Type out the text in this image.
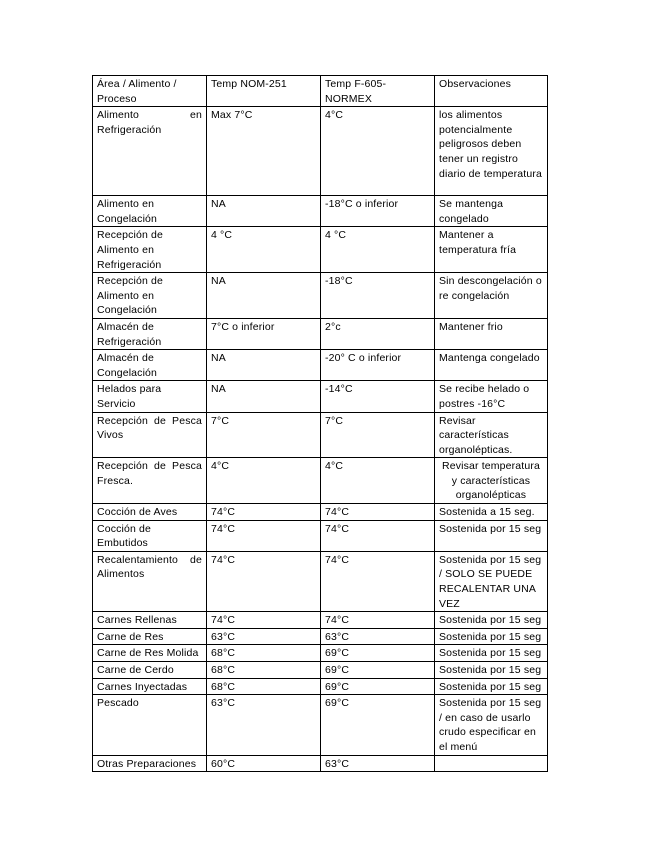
Área / Alimento / Proceso	Temp NOM-251	Temp F-605-NORMEX	Observaciones
Alimento en Refrigeración	Max 7°C	4°C	los alimentos potencialmente peligrosos deben tener un registro diario de temperatura
Alimento en Congelación	NA	-18°C o inferior	Se mantenga congelado
Recepción de Alimento en Refrigeración	4 °C	4 °C	Mantener a temperatura fría
Recepción de Alimento en Congelación	NA	-18°C	Sin descongelación o re congelación
Almacén de Refrigeración	7°C o inferior	2°c	Mantener frio
Almacén de Congelación	NA	-20° C o inferior	Mantenga congelado
Helados para Servicio	NA	-14°C	Se recibe helado o postres -16°C
Recepción de Pesca Vivos	7°C	7°C	Revisar características organolépticas.
Recepción de Pesca Fresca.	4°C	4°C	Revisar temperatura y características organolépticas
Cocción de Aves	74°C	74°C	Sostenida a 15 seg.
Cocción de Embutidos	74°C	74°C	Sostenida por 15 seg
Recalentamiento de Alimentos	74°C	74°C	Sostenida por 15 seg / SOLO SE PUEDE RECALENTAR UNA VEZ
Carnes Rellenas	74°C	74°C	Sostenida por 15 seg
Carne de Res	63°C	63°C	Sostenida por 15 seg
Carne de Res Molida	68°C	69°C	Sostenida por 15 seg
Carne de Cerdo	68°C	69°C	Sostenida por 15 seg
Carnes Inyectadas	68°C	69°C	Sostenida por 15 seg
Pescado	63°C	69°C	Sostenida por 15 seg / en caso de usarlo crudo especificar en el menú
Otras Preparaciones	60°C	63°C	
